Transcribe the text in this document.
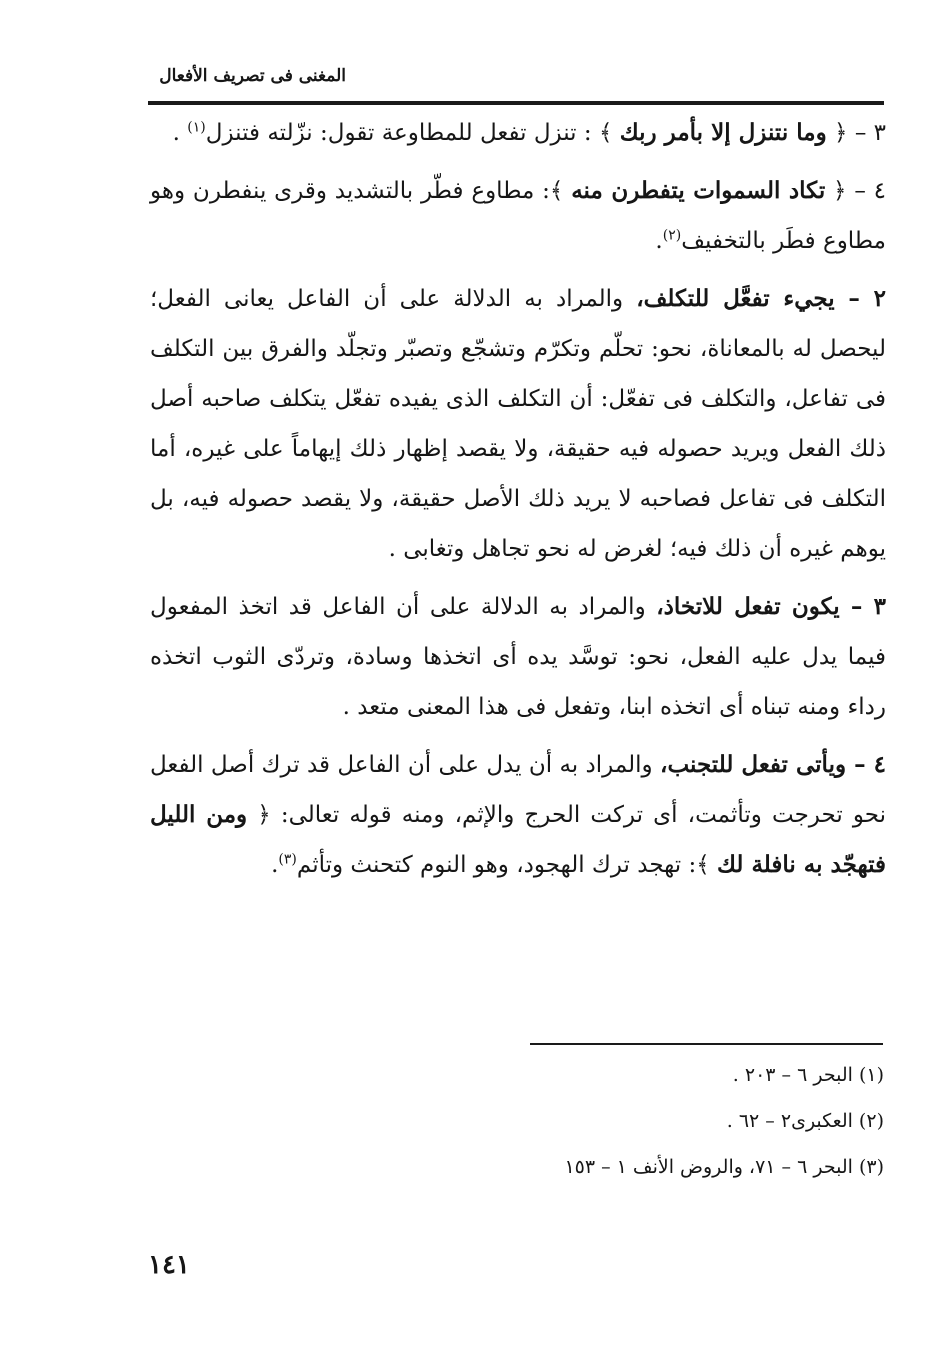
المغنى فى تصريف الأفعال

٣ – ﴿ وما نتنزل إلا بأمر ربك ﴾ : تنزل تفعل للمطاوعة تقول: نزّلته فتنزل$^{(١)}$ .

٤ – ﴿ تكاد السموات يتفطرن منه ﴾: مطاوع فطّر بالتشديد وقرى ينفطرن وهو مطاوع فطَر بالتخفيف$^{(٢)}$.

٢ – يجيء تفعَّل للتكلف، والمراد به الدلالة على أن الفاعل يعانى الفعل؛ ليحصل له بالمعاناة، نحو: تحلّم وتكرّم وتشجّع وتصبّر وتجلّد والفرق بين التكلف فى تفاعل، والتكلف فى تفعّل: أن التكلف الذى يفيده تفعّل يتكلف صاحبه أصل ذلك الفعل ويريد حصوله فيه حقيقة، ولا يقصد إظهار ذلك إيهاماً على غيره، أما التكلف فى تفاعل فصاحبه لا يريد ذلك الأصل حقيقة، ولا يقصد حصوله فيه، بل يوهم غيره أن ذلك فيه؛ لغرض له نحو تجاهل وتغابى .

٣ – يكون تفعل للاتخاذ، والمراد به الدلالة على أن الفاعل قد اتخذ المفعول فيما يدل عليه الفعل، نحو: توسَّد يده أى اتخذها وسادة، وتردّى الثوب اتخذه رداء ومنه تبناه أى اتخذه ابنا، وتفعل فى هذا المعنى متعد .

٤ – ويأتى تفعل للتجنب، والمراد به أن يدل على أن الفاعل قد ترك أصل الفعل نحو تحرجت وتأثمت، أى تركت الحرج والإثم، ومنه قوله تعالى: ﴿ ومن الليل فتهجّد به نافلة لك ﴾: تهجد ترك الهجود، وهو النوم كتحنث وتأثم$^{(٣)}$.

(١) البحر ٦ – ٢٠٣ .
(٢) العكبرى٢ – ٦٢ .
(٣) البحر ٦ – ٧١، والروض الأنف ١ – ١٥٣
١٤١
